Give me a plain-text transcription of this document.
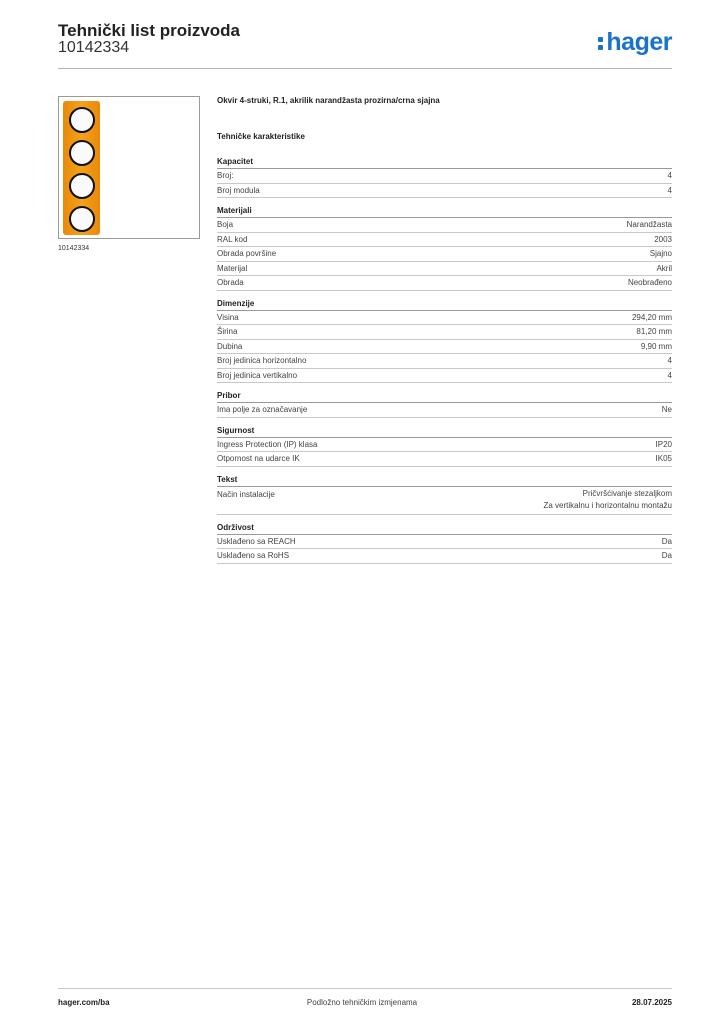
Tehnički list proizvoda
10142334	hager
10142334
Okvir 4-struki, R.1, akrilik narandžasta prozirna/crna sjajna
Tehničke karakteristike
Kapacitet
Broj:	4
Broj modula	4
Materijali
Boja	Narandžasta
RAL kod	2003
Obrada površine	Sjajno
Materijal	Akril
Obrada	Neobrađeno
Dimenzije
Visina	294,20 mm
Širina	81,20 mm
Dubina	9,90 mm
Broj jedinica horizontalno	4
Broj jedinica vertikalno	4
Pribor
Ima polje za označavanje	Ne
Sigurnost
Ingress Protection (IP) klasa	IP20
Otpornost na udarce IK	IK05
Tekst
Način instalacije	Pričvršćivanje stezaljkom
Za vertikalnu i horizontalnu montažu
Održivost
Usklađeno sa REACH	Da
Usklađeno sa RoHS	Da
hager.com/ba	Podložno tehničkim izmjenama	28.07.2025
